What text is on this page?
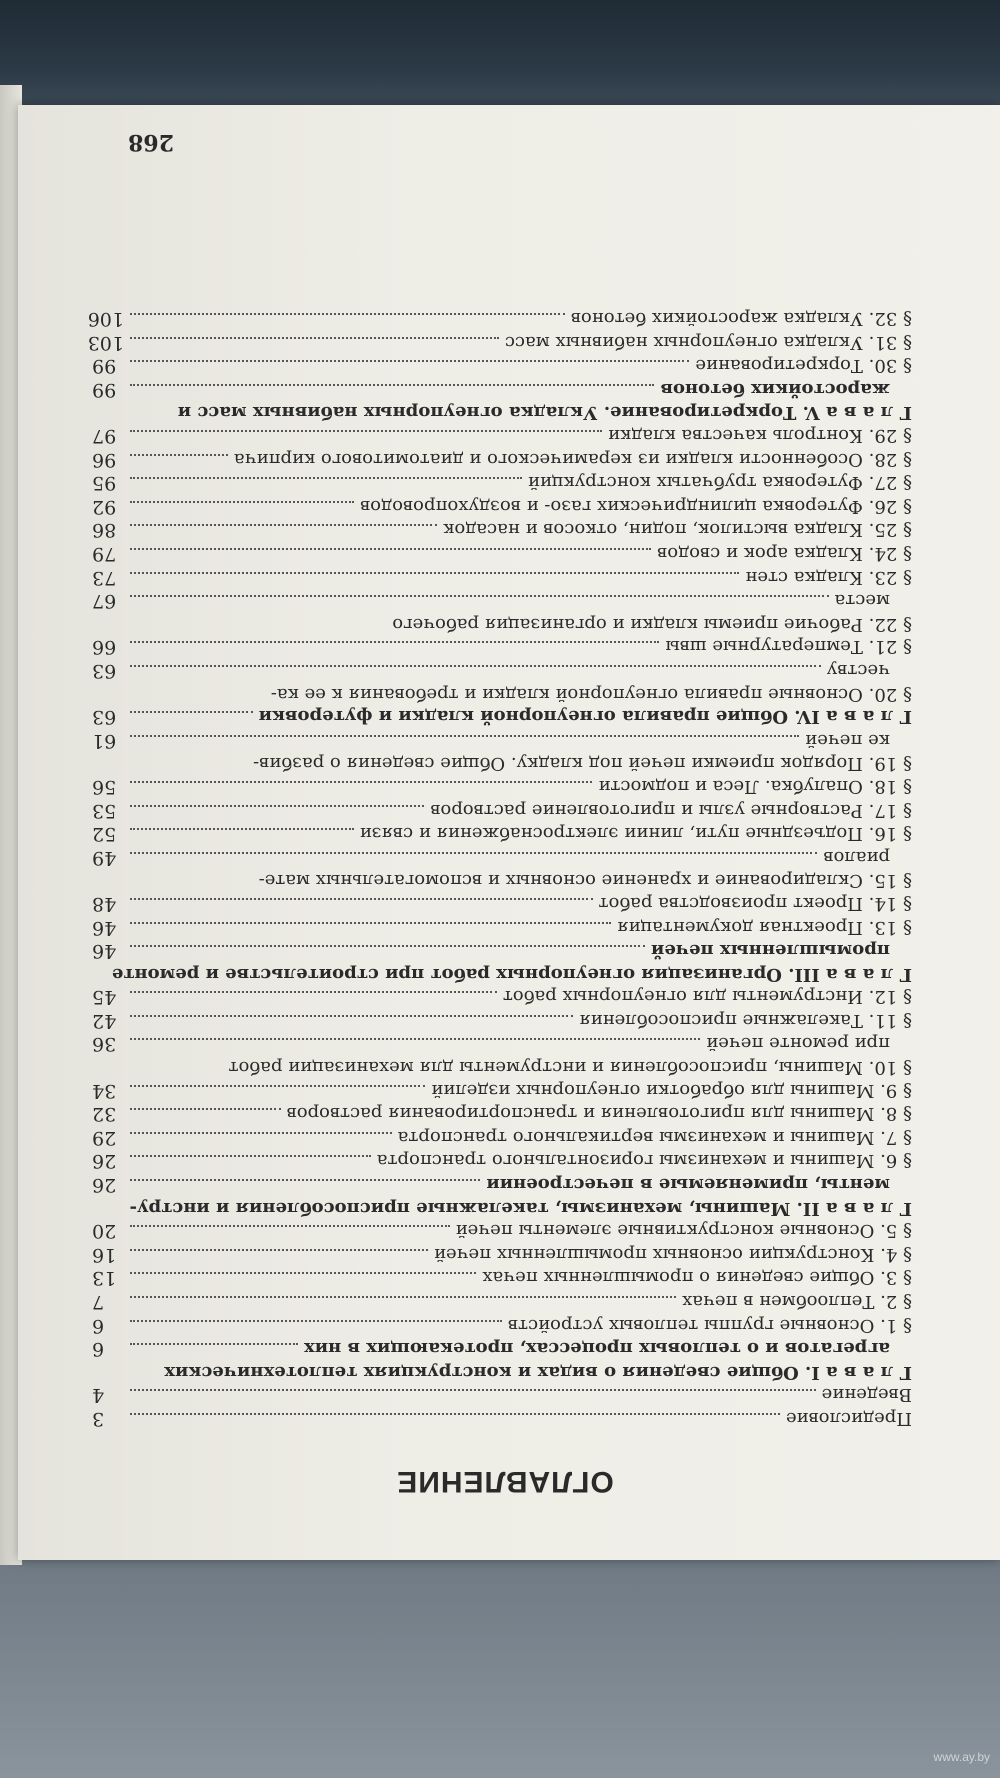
ОГЛАВЛЕНИЕ
Предисловие
3
Введение
4
Г л а в а I. Общие сведения о видах и конструкциях теплотехнических
агрегатов и о тепловых процессах, протекающих в них
6
§ 1. Основные группы тепловых устройств
6
§ 2. Теплообмен в печах
7
§ 3. Общие сведения о промышленных печах
13
§ 4. Конструкции основных промышленных печей
16
§ 5. Основные конструктивные элементы печей
20
Г л а в а II. Машины, механизмы, такелажные приспособления и инстру-
менты, применяемые в печестроении
26
§ 6. Машины и механизмы горизонтального транспорта
26
§ 7. Машины и механизмы вертикального транспорта
29
§ 8. Машины для приготовления и транспортирования растворов
32
§ 9. Машины для обработки огнеупорных изделий
34
§ 10. Машины, приспособления и инструменты для механизации работ
при ремонте печей
36
§ 11. Такелажные приспособления
42
§ 12. Инструменты для огнеупорных работ
45
Г л а в а III. Организация огнеупорных работ при строительстве и ремонте
промышленных печей
46
§ 13. Проектная документация
46
§ 14. Проект производства работ
48
§ 15. Складирование и хранение основных и вспомогательных мате-
риалов
49
§ 16. Подъездные пути, линии электроснабжения и связи
52
§ 17. Растворные узлы и приготовление растворов
53
§ 18. Опалубка. Леса и подмости
56
§ 19. Порядок приемки печей под кладку. Общие сведения о разбив-
ке печей
61
Г л а в а IV. Общие правила огнеупорной кладки и футеровки
63
§ 20. Основные правила огнеупорной кладки и требования к ее ка-
честву
63
§ 21. Температурные швы
66
§ 22. Рабочие приемы кладки и организация рабочего
места
67
§ 23. Кладка стен
73
§ 24. Кладка арок и сводов
79
§ 25. Кладка выстилок, подин, откосов и насадок
86
§ 26. Футеровка цилиндрических газо- и воздухопроводов
92
§ 27. Футеровка трубчатых конструкций
95
§ 28. Особенности кладки из керамического и диатомитового кирпича
96
§ 29. Контроль качества кладки
97
Г л а в а V. Торкретирование. Укладка огнеупорных набивных масс и
жаростойких бетонов
99
§ 30. Торкретирование
99
§ 31. Укладка огнеупорных набивных масс
103
§ 32. Укладка жаростойких бетонов
106
268
www.ay.by
